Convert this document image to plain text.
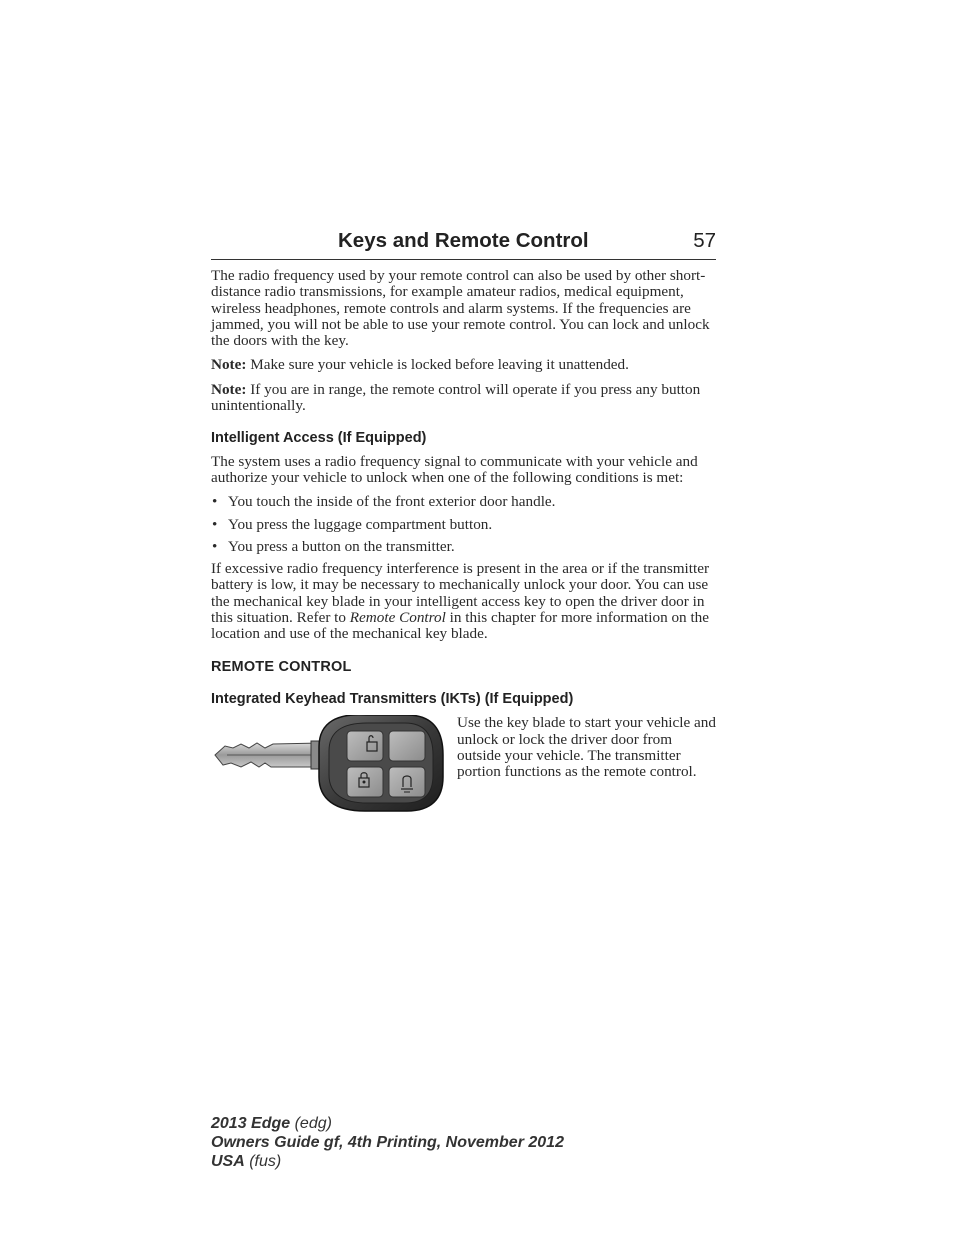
Keys and Remote Control	57

The radio frequency used by your remote control can also be used by other short-distance radio transmissions, for example amateur radios, medical equipment, wireless headphones, remote controls and alarm systems. If the frequencies are jammed, you will not be able to use your remote control. You can lock and unlock the doors with the key.

Note: Make sure your vehicle is locked before leaving it unattended.

Note: If you are in range, the remote control will operate if you press any button unintentionally.

Intelligent Access (If Equipped)

The system uses a radio frequency signal to communicate with your vehicle and authorize your vehicle to unlock when one of the following conditions is met:

• You touch the inside of the front exterior door handle.
• You press the luggage compartment button.
• You press a button on the transmitter.

If excessive radio frequency interference is present in the area or if the transmitter battery is low, it may be necessary to mechanically unlock your door. You can use the mechanical key blade in your intelligent access key to open the driver door in this situation. Refer to Remote Control in this chapter for more information on the location and use of the mechanical key blade.

REMOTE CONTROL
Integrated Keyhead Transmitters (IKTs) (If Equipped)
Use the key blade to start your vehicle and unlock or lock the driver door from outside your vehicle. The transmitter portion functions as the remote control.
2013 Edge (edg)
Owners Guide gf, 4th Printing, November 2012
USA (fus)
